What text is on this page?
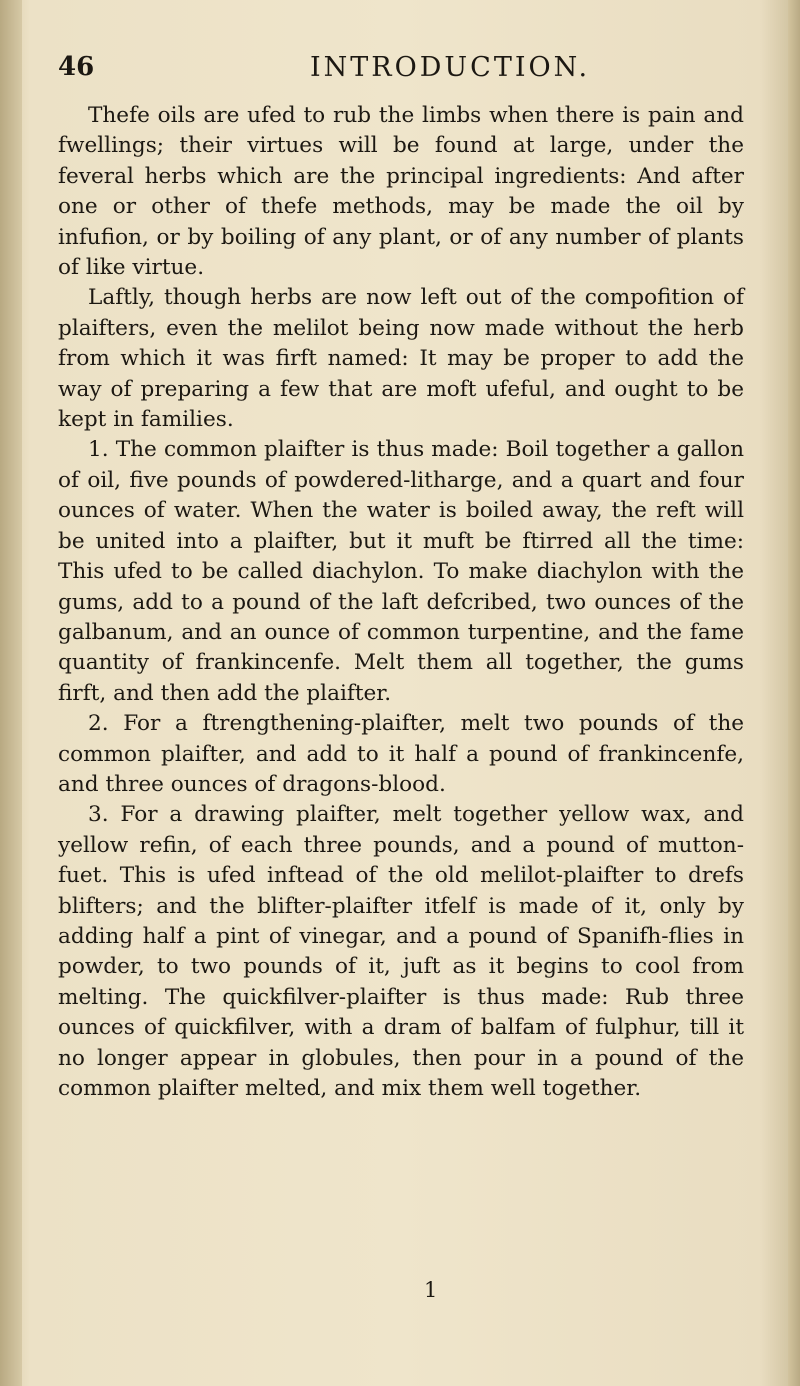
46	INTRODUCTION.

Thefe oils are ufed to rub the limbs when there is pain and fwellings; their virtues will be found at large, under the feveral herbs which are the principal ingredients: And after one or other of thefe methods, may be made the oil by infufion, or by boiling of any plant, or of any number of plants of like virtue.

Laftly, though herbs are now left out of the compofition of plaifters, even the melilot being now made without the herb from which it was firft named: It may be proper to add the way of preparing a few that are moft ufeful, and ought to be kept in families.

1. The common plaifter is thus made: Boil together a gallon of oil, five pounds of powdered-litharge, and a quart and four ounces of water. When the water is boiled away, the reft will be united into a plaifter, but it muft be ftirred all the time: This ufed to be called diachylon. To make diachylon with the gums, add to a pound of the laft defcribed, two ounces of the galbanum, and an ounce of common turpentine, and the fame quantity of frankincenfe. Melt them all together, the gums firft, and then add the plaifter.

2. For a ftrengthening-plaifter, melt two pounds of the common plaifter, and add to it half a pound of frankincenfe, and three ounces of dragons-blood.

3. For a drawing plaifter, melt together yellow wax, and yellow refin, of each three pounds, and a pound of mutton-fuet. This is ufed inftead of the old melilot-plaifter to drefs blifters; and the blifter-plaifter itfelf is made of it, only by adding half a pint of vinegar, and a pound of Spanifh-flies in powder, to two pounds of it, juft as it begins to cool from melting. The quickfilver-plaifter is thus made: Rub three ounces of quickfilver, with a dram of balfam of fulphur, till it no longer appear in globules, then pour in a pound of the common plaifter melted, and mix them well together.

1
